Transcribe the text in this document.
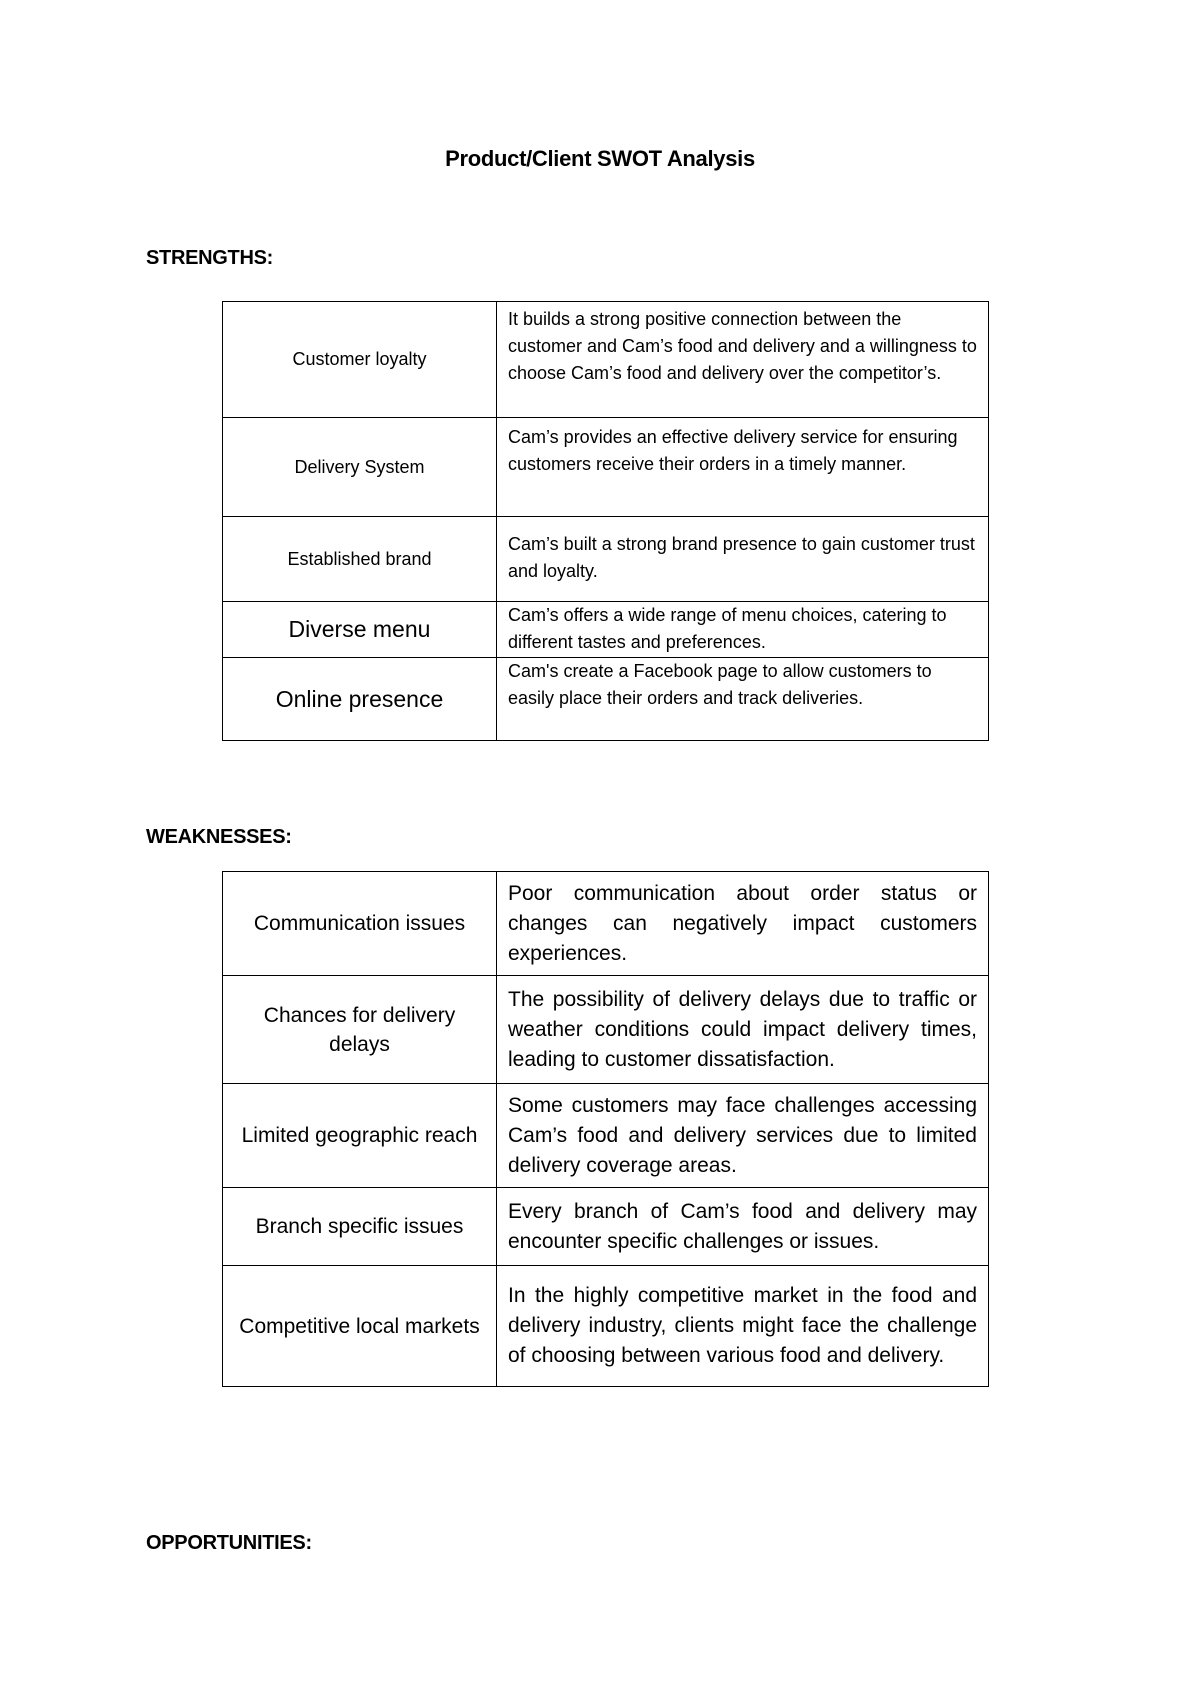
Product/Client SWOT Analysis
STRENGTHS:
Customer loyalty	It builds a strong positive connection between the customer and Cam’s food and delivery and a willingness to choose Cam’s food and delivery over the competitor’s.
Delivery System	Cam’s provides an effective delivery service for ensuring customers receive their orders in a timely manner.
Established brand	Cam’s built a strong brand presence to gain customer trust and loyalty.
Diverse menu	Cam’s offers a wide range of menu choices, catering to different tastes and preferences.
Online presence	Cam's create a Facebook page to allow customers to easily place their orders and track deliveries.
WEAKNESSES:
Communication issues	Poor communication about order status or changes can negatively impact customers experiences.
Chances for delivery delays	The possibility of delivery delays due to traffic or weather conditions could impact delivery times, leading to customer dissatisfaction.
Limited geographic reach	Some customers may face challenges accessing Cam’s food and delivery services due to limited delivery coverage areas.
Branch specific issues	Every branch of Cam’s food and delivery may encounter specific challenges or issues.
Competitive local markets	In the highly competitive market in the food and delivery industry, clients might face the challenge of choosing between various food and delivery.
OPPORTUNITIES:
